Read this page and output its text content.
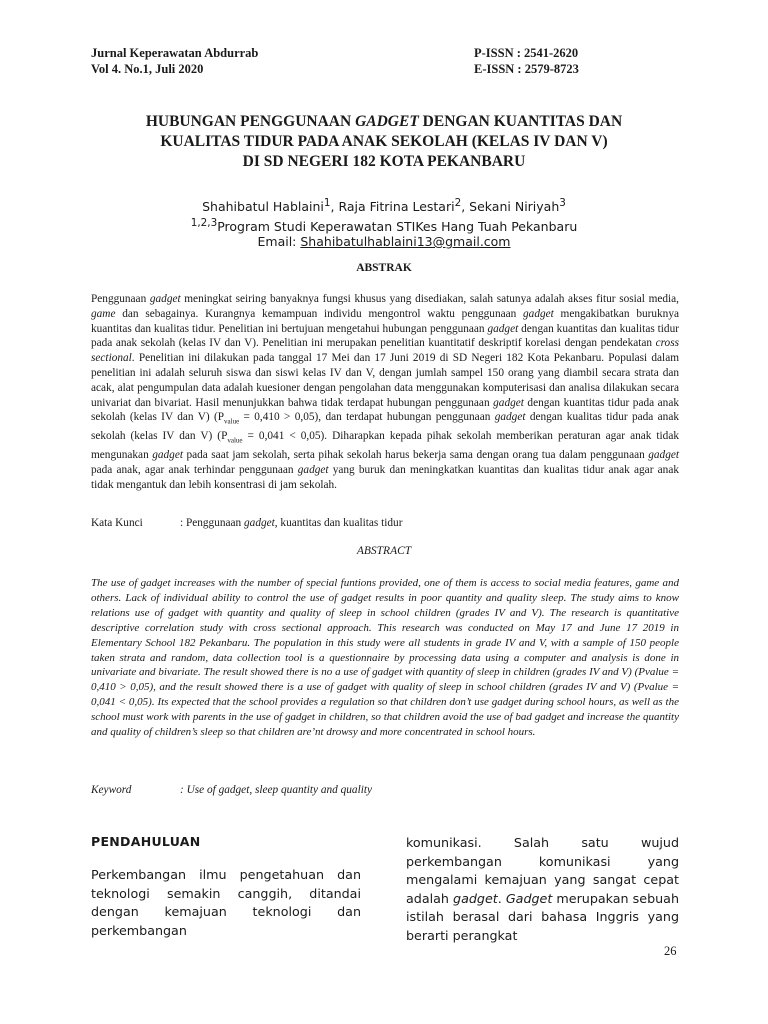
Jurnal Keperawatan Abdurrab
Vol 4. No.1, Juli 2020
P-ISSN : 2541-2620
E-ISSN : 2579-8723
HUBUNGAN PENGGUNAAN GADGET DENGAN KUANTITAS DAN
KUALITAS TIDUR PADA ANAK SEKOLAH (KELAS IV DAN V)
DI SD NEGERI 182 KOTA PEKANBARU
Shahibatul Hablaini$^1$, Raja Fitrina Lestari$^2$, Sekani Niriyah$^3$
$^{1,2,3}$Program Studi Keperawatan STIKes Hang Tuah Pekanbaru
Email: Shahibatulhablaini13@gmail.com
ABSTRAK

Penggunaan gadget meningkat seiring banyaknya fungsi khusus yang disediakan, salah satunya adalah akses fitur sosial media, game dan sebagainya. Kurangnya kemampuan individu mengontrol waktu penggunaan gadget mengakibatkan buruknya kuantitas dan kualitas tidur. Penelitian ini bertujuan mengetahui hubungan penggunaan gadget dengan kuantitas dan kualitas tidur pada anak sekolah (kelas IV dan V). Penelitian ini merupakan penelitian kuantitatif deskriptif korelasi dengan pendekatan cross sectional. Penelitian ini dilakukan pada tanggal 17 Mei dan 17 Juni 2019 di SD Negeri 182 Kota Pekanbaru. Populasi dalam penelitian ini adalah seluruh siswa dan siswi kelas IV dan V, dengan jumlah sampel 150 orang yang diambil secara strata dan acak, alat pengumpulan data adalah kuesioner dengan pengolahan data menggunakan komputerisasi dan analisa dilakukan secara univariat dan bivariat. Hasil menunjukkan bahwa tidak terdapat hubungan penggunaan gadget dengan kuantitas tidur pada anak sekolah (kelas IV dan V) $(P_{value} = 0,410 > 0,05)$, dan terdapat hubungan penggunaan gadget dengan kualitas tidur pada anak sekolah (kelas IV dan V) $(P_{value} = 0,041 < 0,05)$. Diharapkan kepada pihak sekolah memberikan peraturan agar anak tidak mengunakan gadget pada saat jam sekolah, serta pihak sekolah harus bekerja sama dengan orang tua dalam penggunaan gadget pada anak, agar anak terhindar penggunaan gadget yang buruk dan meningkatkan kuantitas dan kualitas tidur anak agar anak tidak mengantuk dan lebih konsentrasi di jam sekolah.

Kata Kunci	: Penggunaan gadget, kuantitas dan kualitas tidur
ABSTRACT

The use of gadget increases with the number of special funtions provided, one of them is access to social media features, game and others. Lack of individual ability to control the use of gadget results in poor quantity and quality sleep. The study aims to know relations use of gadget with quantity and quality of sleep in school children (grades IV and V). The research is quantitative descriptive correlation study with cross sectional approach. This research was conducted on May 17 and June 17 2019 in Elementary School 182 Pekanbaru. The population in this study were all students in grade IV and V, with a sample of 150 people taken strata and random, data collection tool is a questionnaire by processing data using a computer and analysis is done in univariate and bivariate. The result showed there is no a use of gadget with quantity of sleep in children (grades IV and V) (Pvalue = 0,410 > 0,05), and the result showed there is a use of gadget with quality of sleep in school children (grades IV and V) (Pvalue = 0,041 < 0,05). Its expected that the school provides a regulation so that children don’t use gadget during school hours, as well as the school must work with parents in the use of gadget in children, so that children avoid the use of bad gadget and increase the quantity and quality of children’s sleep so that children are’nt drowsy and more concentrated in school hours.

Keyword	: Use of gadget, sleep quantity and quality
PENDAHULUAN

Perkembangan ilmu pengetahuan dan teknologi semakin canggih, ditandai dengan kemajuan teknologi dan perkembangan

komunikasi. Salah satu wujud perkembangan komunikasi yang mengalami kemajuan yang sangat cepat adalah gadget. Gadget merupakan sebuah istilah berasal dari bahasa Inggris yang berarti perangkat

26
